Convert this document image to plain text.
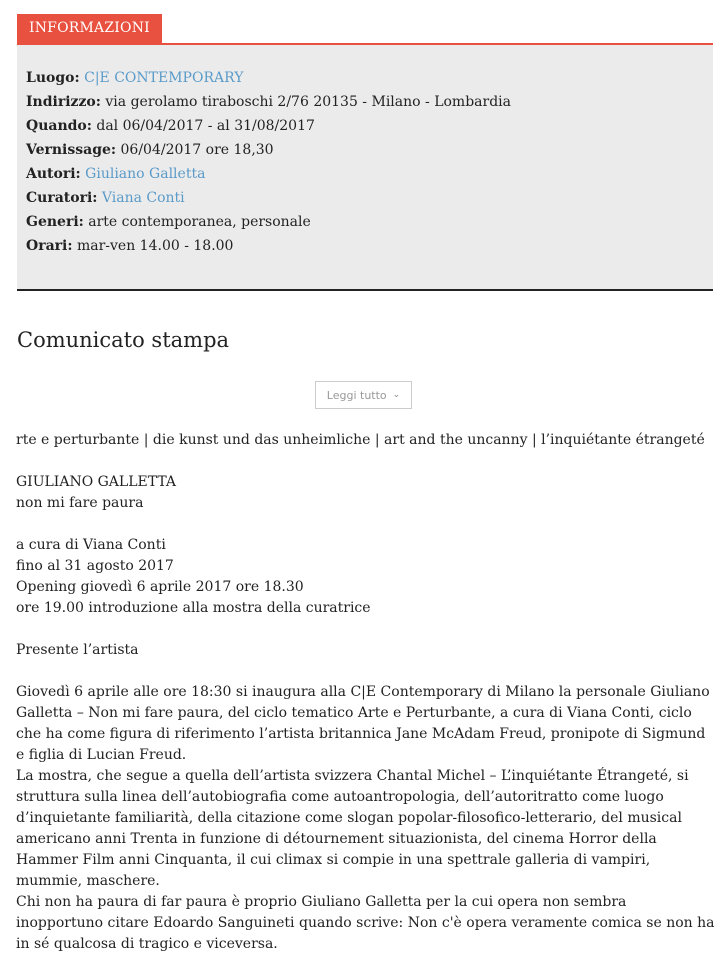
INFORMAZIONI
Luogo: C|E CONTEMPORARY
Indirizzo: via gerolamo tiraboschi 2/76 20135 - Milano - Lombardia
Quando: dal 06/04/2017 - al 31/08/2017
Vernissage: 06/04/2017 ore 18,30
Autori: Giuliano Galletta
Curatori: Viana Conti
Generi: arte contemporanea, personale
Orari: mar-ven 14.00 - 18.00
Comunicato stampa
Leggi tutto ⌄

rte e perturbante | die kunst und das unheimliche | art and the uncanny | l’inquiétante étrangeté

GIULIANO GALLETTA

non mi fare paura

a cura di Viana Conti

fino al 31 agosto 2017

Opening giovedì 6 aprile 2017 ore 18.30

ore 19.00 introduzione alla mostra della curatrice

Presente l’artista

Giovedì 6 aprile alle ore 18:30 si inaugura alla C|E Contemporary di Milano la personale Giuliano Galletta – Non mi fare paura, del ciclo tematico Arte e Perturbante, a cura di Viana Conti, ciclo che ha come figura di riferimento l’artista britannica Jane McAdam Freud, pronipote di Sigmund e figlia di Lucian Freud.

La mostra, che segue a quella dell’artista svizzera Chantal Michel – L’inquiétante Étrangeté, si struttura sulla linea dell’autobiografia come autoantropologia, dell’autoritratto come luogo d’inquietante familiarità, della citazione come slogan popolar-filosofico-letterario, del musical americano anni Trenta in funzione di détournement situazionista, del cinema Horror della Hammer Film anni Cinquanta, il cui climax si compie in una spettrale galleria di vampiri, mummie, maschere.

Chi non ha paura di far paura è proprio Giuliano Galletta per la cui opera non sembra inopportuno citare Edoardo Sanguineti quando scrive: Non c'è opera veramente comica se non ha in sé qualcosa di tragico e viceversa.
